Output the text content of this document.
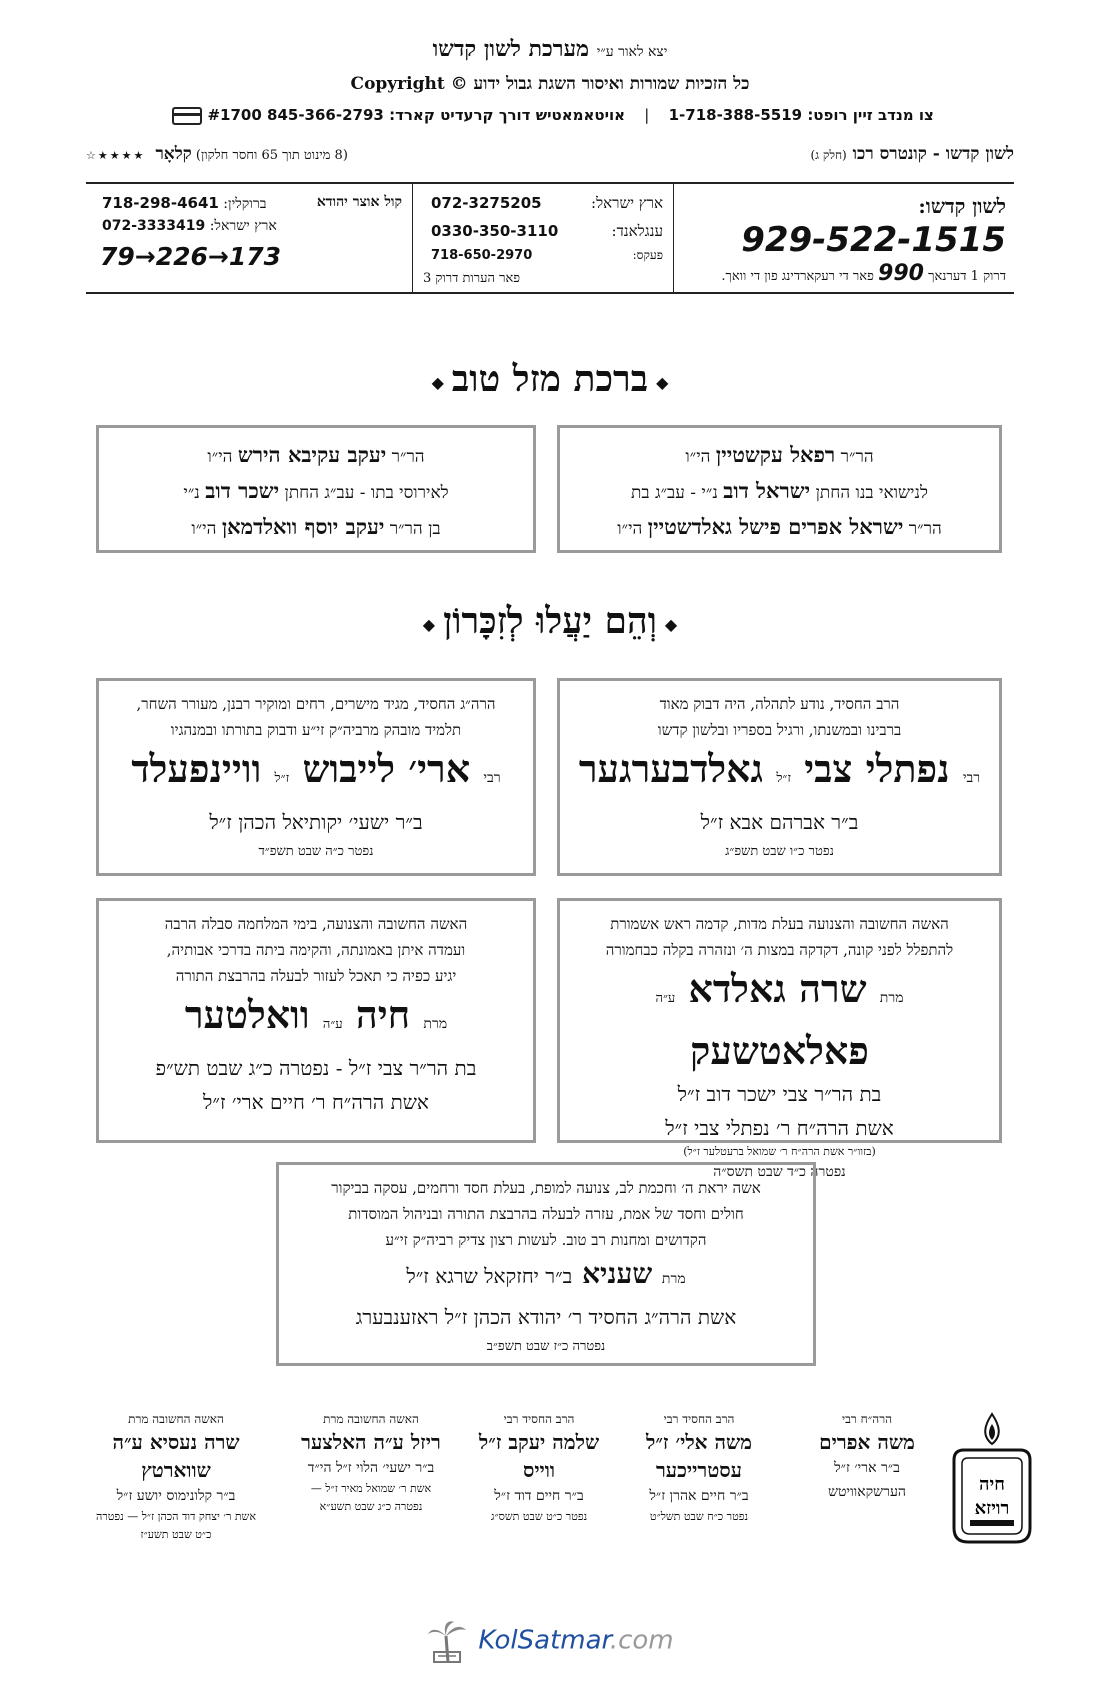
יצא לאור ע״י מערכת לשון קדשו
כל הזכיות שמורות ואיסור השגת גבול ידוע © Copyright
צו מנדב זיין רופט: 1-718-388-5519 | אויטאמאטיש דורך קרעדיט קארד: 845-366-2793 #1700
לשון קדשו - קונטרס רכו (חלק ג)
(8 מינוט תוך 65 וחסר חלקון) קלאָר ★★★★☆
לשון קדשו:
929-522-1515
דרוק 1 דערנאך 990 פאר די רעקארדינג פון די וואך.
ארץ ישראל:
072-3275205
ענגלאנד:
0330-350-3110
פעקס:
718-650-2970
פאר הערות דרוק 3
קול אוצר יהודא
ברוקלין: 718-298-4641
ארץ ישראל: 072-3333419
79→226→173
◆ברכת מזל טוב◆
הר״ר רפאל עקשטיין הי״ו
לנישואי בנו החתן ישראל דוב נ״י - עב״ג בת
הר״ר ישראל אפרים פישל גאלדשטיין הי״ו
הר״ר יעקב עקיבא הירש הי״ו
לאירוסי בתו - עב״ג החתן ישכר דוב נ״י
בן הר״ר יעקב יוסף וואלדמאן הי״ו
◆וְהֵם יַעֲלוּ לְזִכָּרוֹן◆
הרב החסיד, נודע לתהלה, היה דבוק מאוד
ברבינו ובמשנתו, ורגיל בספריו ובלשון קדשו
רבי נפתלי צבי ז״ל גאלדבערגער
ב״ר אברהם אבא ז״ל
נפטר כ״ו שבט תשפ״ג
הרה״ג החסיד, מגיד מישרים, רחים ומוקיר רבנן, מעורר השחר,
תלמיד מובהק מרביה״ק זי״ע ודבוק בתורתו ובמנהגיו
רבי ארי׳ לייבוש ז״ל וויינפעלד
ב״ר ישעי׳ יקותיאל הכהן ז״ל
נפטר כ״ה שבט תשפ״ד
האשה החשובה והצנועה בעלת מדות, קדמה ראש אשמורת
להתפלל לפני קונה, דקדקה במצות ה׳ ונזהרה בקלה כבחמורה
מרת שרה גאלדא ע״ה פאלאטשעק
בת הר״ר צבי ישכר דוב ז״ל
אשת הרה״ח ר׳ נפתלי צבי ז״ל
(בזוו״ר אשת הרה״ח ר׳ שמואל ברעטלער ז״ל)
נפטרה כ״ד שבט תשס״ה
האשה החשובה והצנועה, בימי המלחמה סבלה הרבה
ועמדה איתן באמונתה, והקימה ביתה בדרכי אבותיה,
יגיע כפיה כי תאכל לעזור לבעלה בהרבצת התורה
מרת חיה ע״ה וואלטער
בת הר״ר צבי ז״ל - נפטרה כ״ג שבט תש״פ
אשת הרה״ח ר׳ חיים ארי׳ ז״ל
אשה יראת ה׳ וחכמת לב, צנועה למופת, בעלת חסד ורחמים, עסקה בביקור
חולים וחסד של אמת, עזרה לבעלה בהרבצת התורה ובניהול המוסדות
הקדושים ומחנות רב טוב. לעשות רצון צדיק רביה״ק זי״ע
מרת שעניא ב״ר יחזקאל שרגא ז״ל
אשת הרה״ג החסיד ר׳ יהודא הכהן ז״ל ראזענבערג
נפטרה כ״ז שבט תשפ״ב
הרה״ח רבי
משה אפרים
ב״ר ארי׳ ז״ל
הערשקאוויטש
הרב החסיד רבי
משה אלי׳ ז״ל עסטרייכער
ב״ר חיים אהרן ז״ל
נפטר כ״ח שבט תשל״ט
הרב החסיד רבי
שלמה יעקב ז״ל ווייס
ב״ר חיים דוד ז״ל
נפטר כ״ט שבט תשס״ג
האשה החשובה מרת
ריזל ע״ה האלצער
ב״ר ישעי׳ הלוי ז״ל הי״ד
אשת ר׳ שמואל מאיר ז״ל — נפטרה כ״ג שבט תשע״א
האשה החשובה מרת
שרה נעסיא ע״ה שווארטץ
ב״ר קלונימוס יושע ז״ל
אשת ר׳ יצחק דוד הכהן ז״ל — נפטרה כ״ט שבט תשע״ז
חיה
רויזא
KolSatmar.com
